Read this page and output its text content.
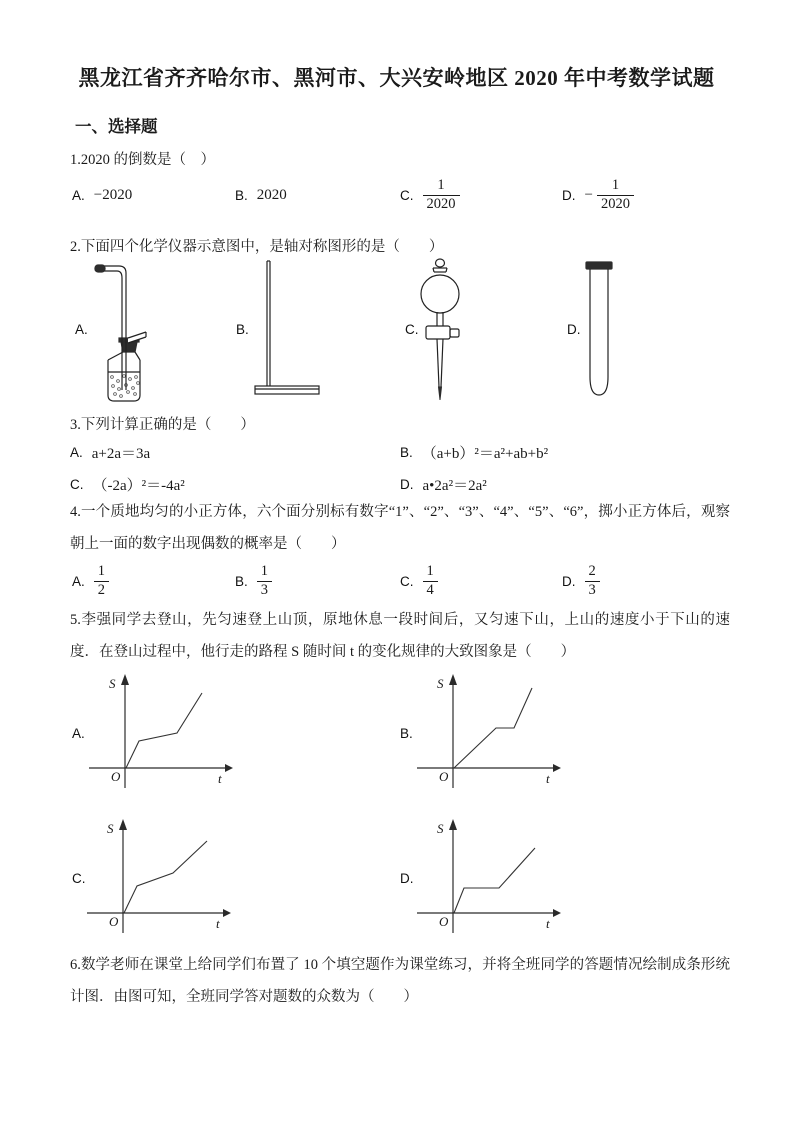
黑龙江省齐齐哈尔市、黑河市、大兴安岭地区 2020 年中考数学试题
一、选择题

1.2020 的倒数是（　）

A. −2020	B. 2020	C. $\frac{1}{2020}$	D. − $\frac{1}{2020}$

2.下面四个化学仪器示意图中，是轴对称图形的是（　　）

A.	B.	C.	D.

3.下列计算正确的是（　　）

A. a+2a＝3a	B. （a+b）²＝a²+ab+b²
C. （-2a）²＝-4a²	D. a•2a²＝2a²

4.一个质地均匀的小正方体，六个面分别标有数字“1”、“2”、“3”、“4”、“5”、“6”，掷小正方体后，观察朝上一面的数字出现偶数的概率是（　　）

A. $\frac{1}{2}$	B. $\frac{1}{3}$	C. $\frac{1}{4}$	D. $\frac{2}{3}$

5.李强同学去登山，先匀速登上山顶，原地休息一段时间后，又匀速下山，上山的速度小于下山的速度．在登山过程中，他行走的路程 S 随时间 t 的变化规律的大致图象是（　　）

A.
S
t
O
B.
S
t
O
C.
S
t
O
D.
S
t
O

6.数学老师在课堂上给同学们布置了 10 个填空题作为课堂练习，并将全班同学的答题情况绘制成条形统计图．由图可知，全班同学答对题数的众数为（　　）
